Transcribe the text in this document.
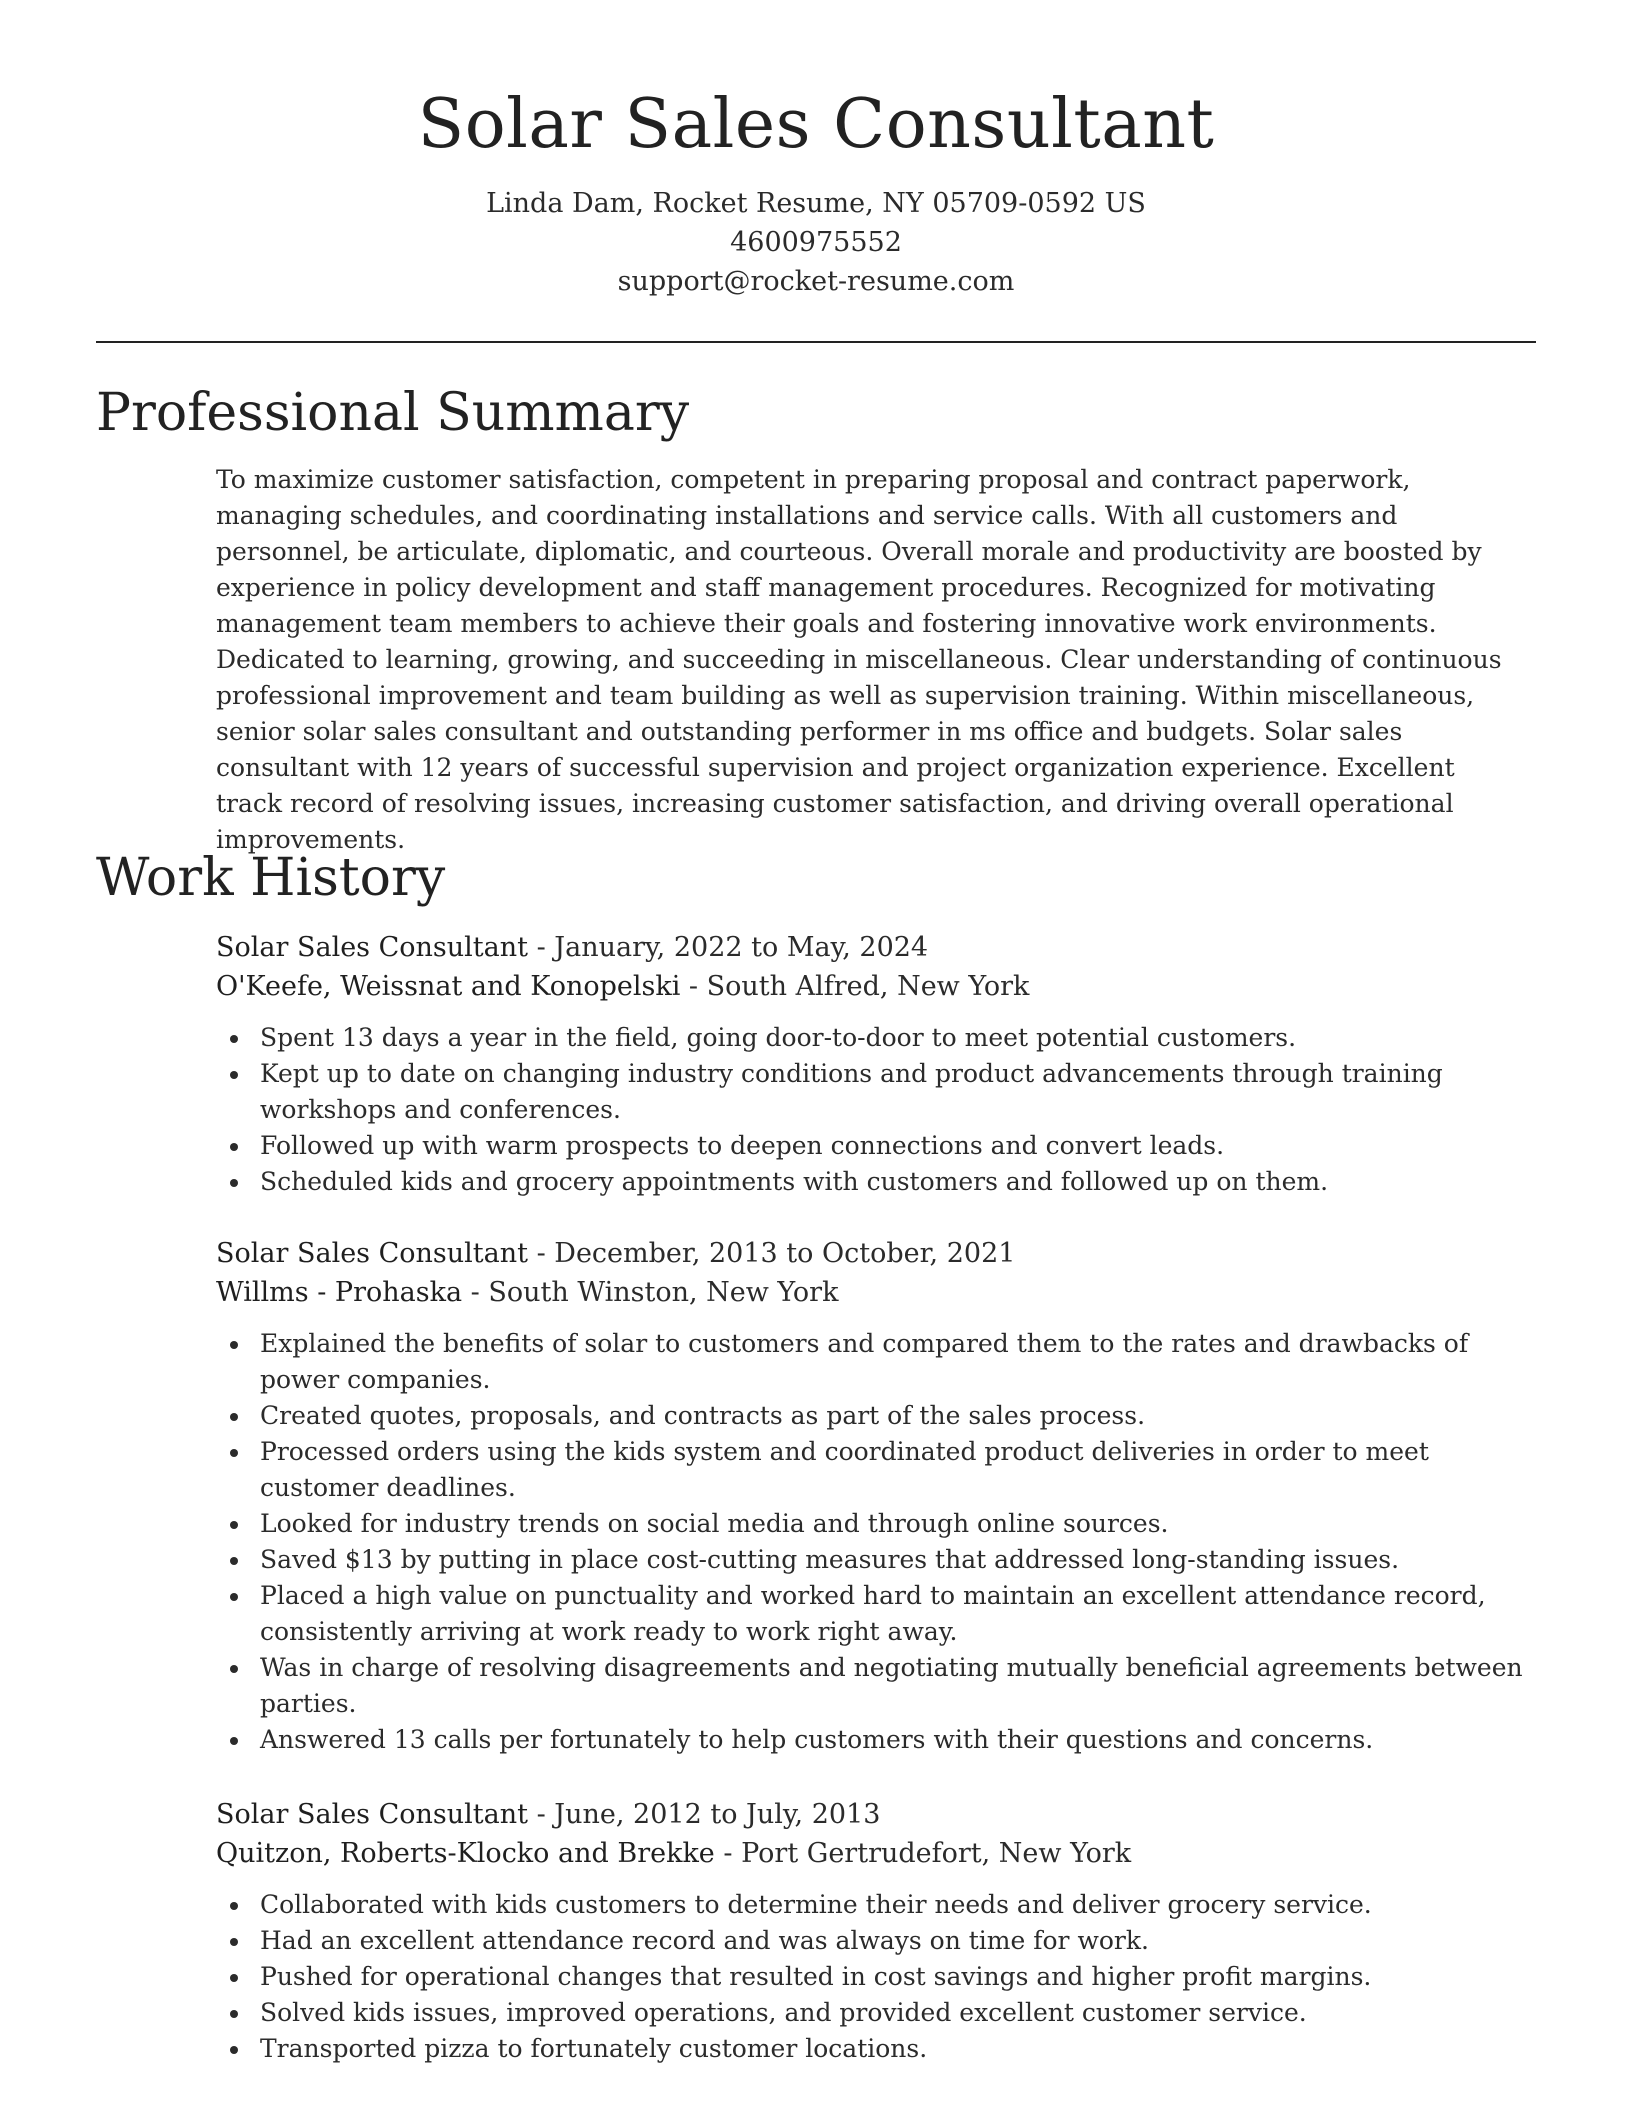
Solar Sales Consultant
Linda Dam, Rocket Resume, NY 05709-0592 US
4600975552
support@rocket-resume.com
Professional Summary

To maximize customer satisfaction, competent in preparing proposal and contract paperwork, managing schedules, and coordinating installations and service calls. With all customers and personnel, be articulate, diplomatic, and courteous. Overall morale and productivity are boosted by experience in policy development and staff management procedures. Recognized for motivating management team members to achieve their goals and fostering innovative work environments. Dedicated to learning, growing, and succeeding in miscellaneous. Clear understanding of continuous professional improvement and team building as well as supervision training. Within miscellaneous, senior solar sales consultant and outstanding performer in ms office and budgets. Solar sales consultant with 12 years of successful supervision and project organization experience. Excellent track record of resolving issues, increasing customer satisfaction, and driving overall operational improvements.

Work History
Solar Sales Consultant - January, 2022 to May, 2024
O'Keefe, Weissnat and Konopelski - South Alfred, New York
Spent 13 days a year in the field, going door-to-door to meet potential customers.
Kept up to date on changing industry conditions and product advancements through training workshops and conferences.
Followed up with warm prospects to deepen connections and convert leads.
Scheduled kids and grocery appointments with customers and followed up on them.
Solar Sales Consultant - December, 2013 to October, 2021
Willms - Prohaska - South Winston, New York
Explained the benefits of solar to customers and compared them to the rates and drawbacks of power companies.
Created quotes, proposals, and contracts as part of the sales process.
Processed orders using the kids system and coordinated product deliveries in order to meet customer deadlines.
Looked for industry trends on social media and through online sources.
Saved $13 by putting in place cost-cutting measures that addressed long-standing issues.
Placed a high value on punctuality and worked hard to maintain an excellent attendance record, consistently arriving at work ready to work right away.
Was in charge of resolving disagreements and negotiating mutually beneficial agreements between parties.
Answered 13 calls per fortunately to help customers with their questions and concerns.
Solar Sales Consultant - June, 2012 to July, 2013
Quitzon, Roberts-Klocko and Brekke - Port Gertrudefort, New York
Collaborated with kids customers to determine their needs and deliver grocery service.
Had an excellent attendance record and was always on time for work.
Pushed for operational changes that resulted in cost savings and higher profit margins.
Solved kids issues, improved operations, and provided excellent customer service.
Transported pizza to fortunately customer locations.
